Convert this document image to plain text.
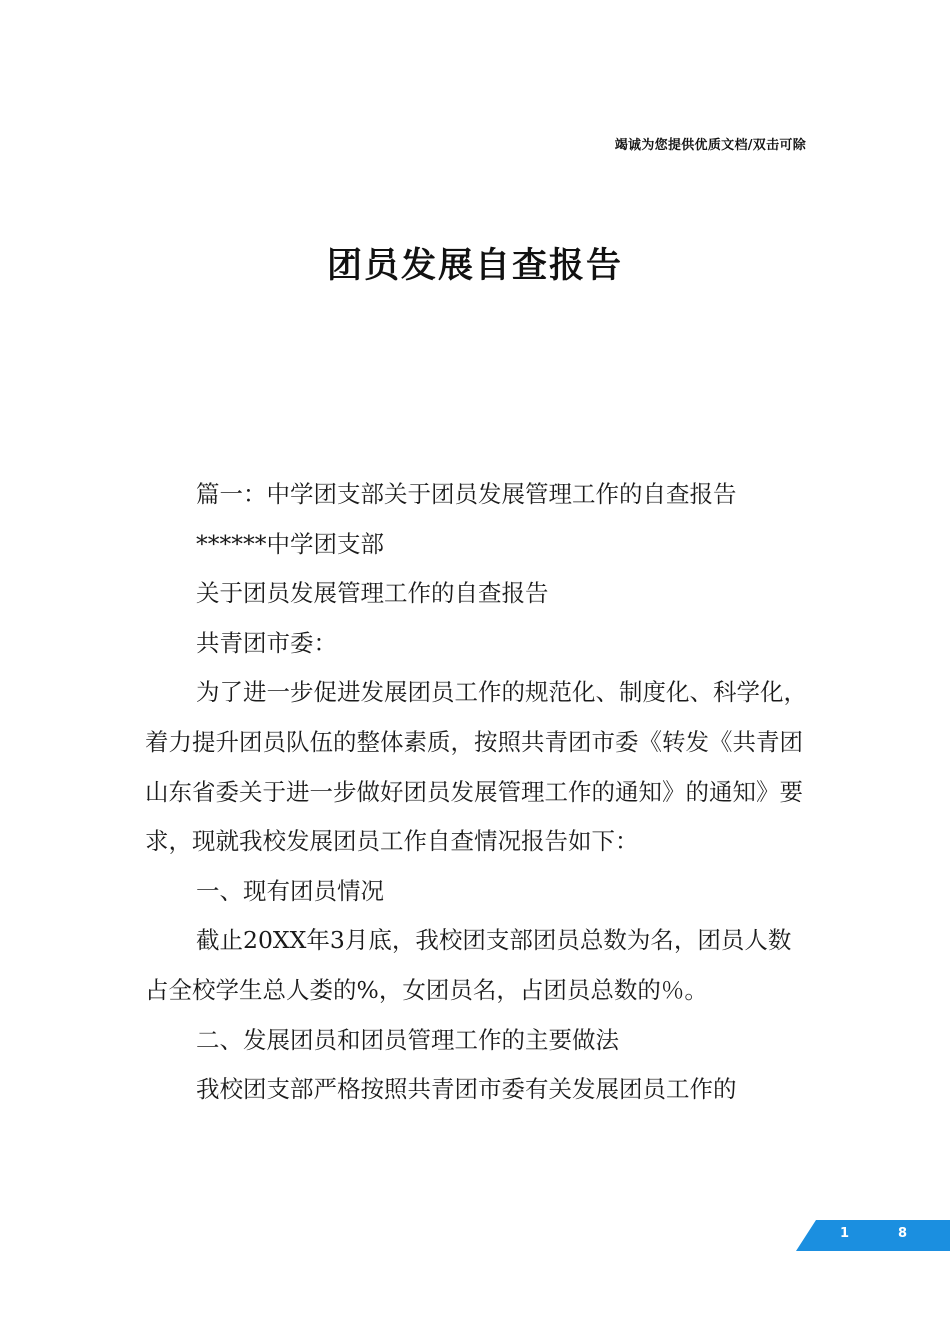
竭诚为您提供优质文档/双击可除
团员发展自查报告

篇一：中学团支部关于团员发展管理工作的自查报告

******中学团支部

关于团员发展管理工作的自查报告

共青团市委：

为了进一步促进发展团员工作的规范化、制度化、科学化，着力提升团员队伍的整体素质，按照共青团市委《转发《共青团山东省委关于进一步做好团员发展管理工作的通知》的通知》要求，现就我校发展团员工作自查情况报告如下：

一、现有团员情况

截止20XX年3月底，我校团支部团员总数为名，团员人数占全校学生总人娄的%，女团员名，占团员总数的％。

二、发展团员和团员管理工作的主要做法

我校团支部严格按照共青团市委有关发展团员工作的

1	8
